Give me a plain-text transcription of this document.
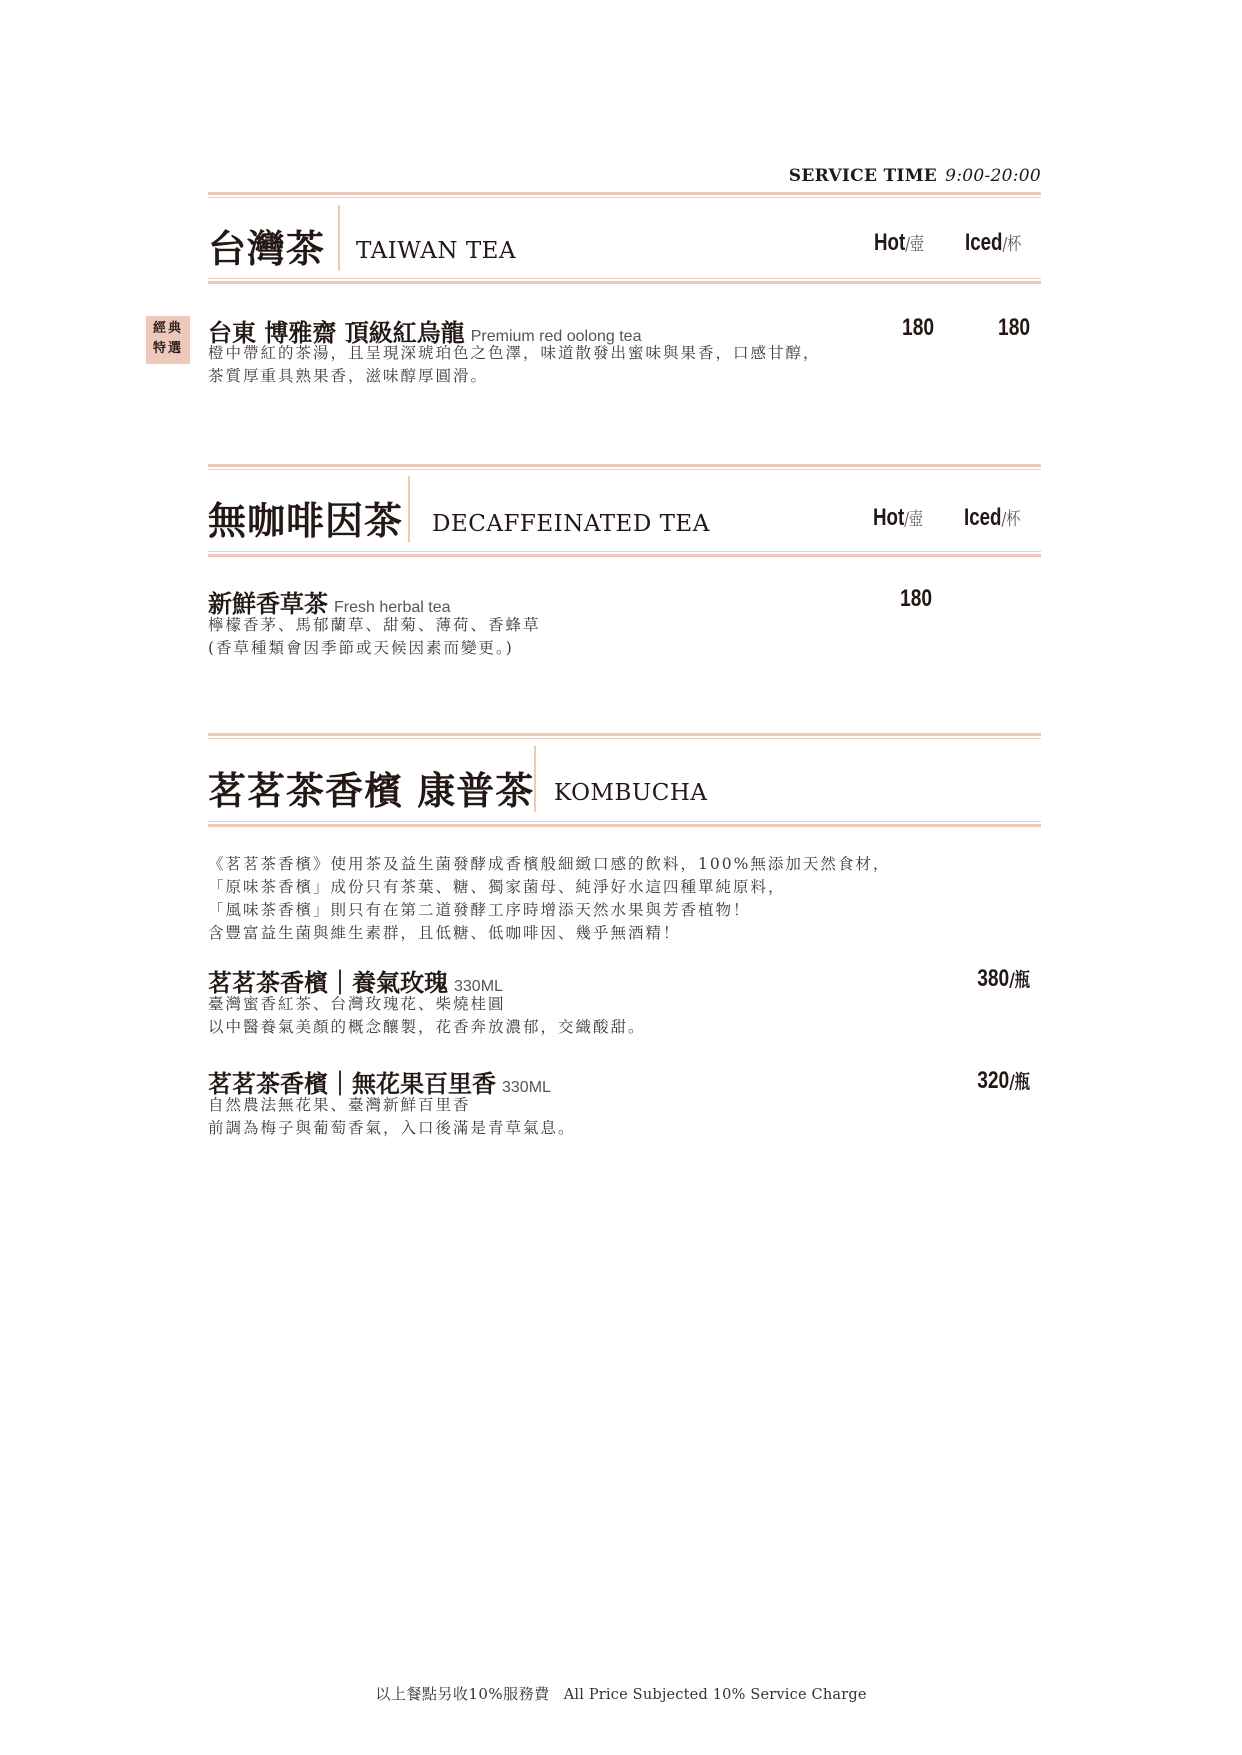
SERVICE TIME 9:00-20:00
台灣茶 TAIWAN TEA	Hot/壺 Iced/杯
經典
特選
台東 博雅齋 頂級紅烏龍 Premium red oolong tea
橙中帶紅的茶湯，且呈現深琥珀色之色澤，味道散發出蜜味與果香，口感甘醇，
茶質厚重具熟果香，滋味醇厚圓滑。
180	180
無咖啡因茶 DECAFFEINATED TEA	Hot/壺 Iced/杯
新鮮香草茶 Fresh herbal tea
檸檬香茅、馬郁蘭草、甜菊、薄荷、香蜂草
(香草種類會因季節或天候因素而變更。)
180
茗茗茶香檳 康普茶 KOMBUCHA
《茗茗茶香檳》使用茶及益生菌發酵成香檳般細緻口感的飲料，100%無添加天然食材，
「原味茶香檳」成份只有茶葉、糖、獨家菌母、純淨好水這四種單純原料，
「風味茶香檳」則只有在第二道發酵工序時增添天然水果與芳香植物！
含豐富益生菌與維生素群，且低糖、低咖啡因、幾乎無酒精！
茗茗茶香檳｜養氣玫瑰 330ML
臺灣蜜香紅茶、台灣玫瑰花、柴燒桂圓
以中醫養氣美顏的概念釀製，花香奔放濃郁，交織酸甜。
380/瓶
茗茗茶香檳｜無花果百里香 330ML
自然農法無花果、臺灣新鮮百里香
前調為梅子與葡萄香氣，入口後滿是青草氣息。
320/瓶
以上餐點另收10%服務費 All Price Subjected 10% Service Charge
